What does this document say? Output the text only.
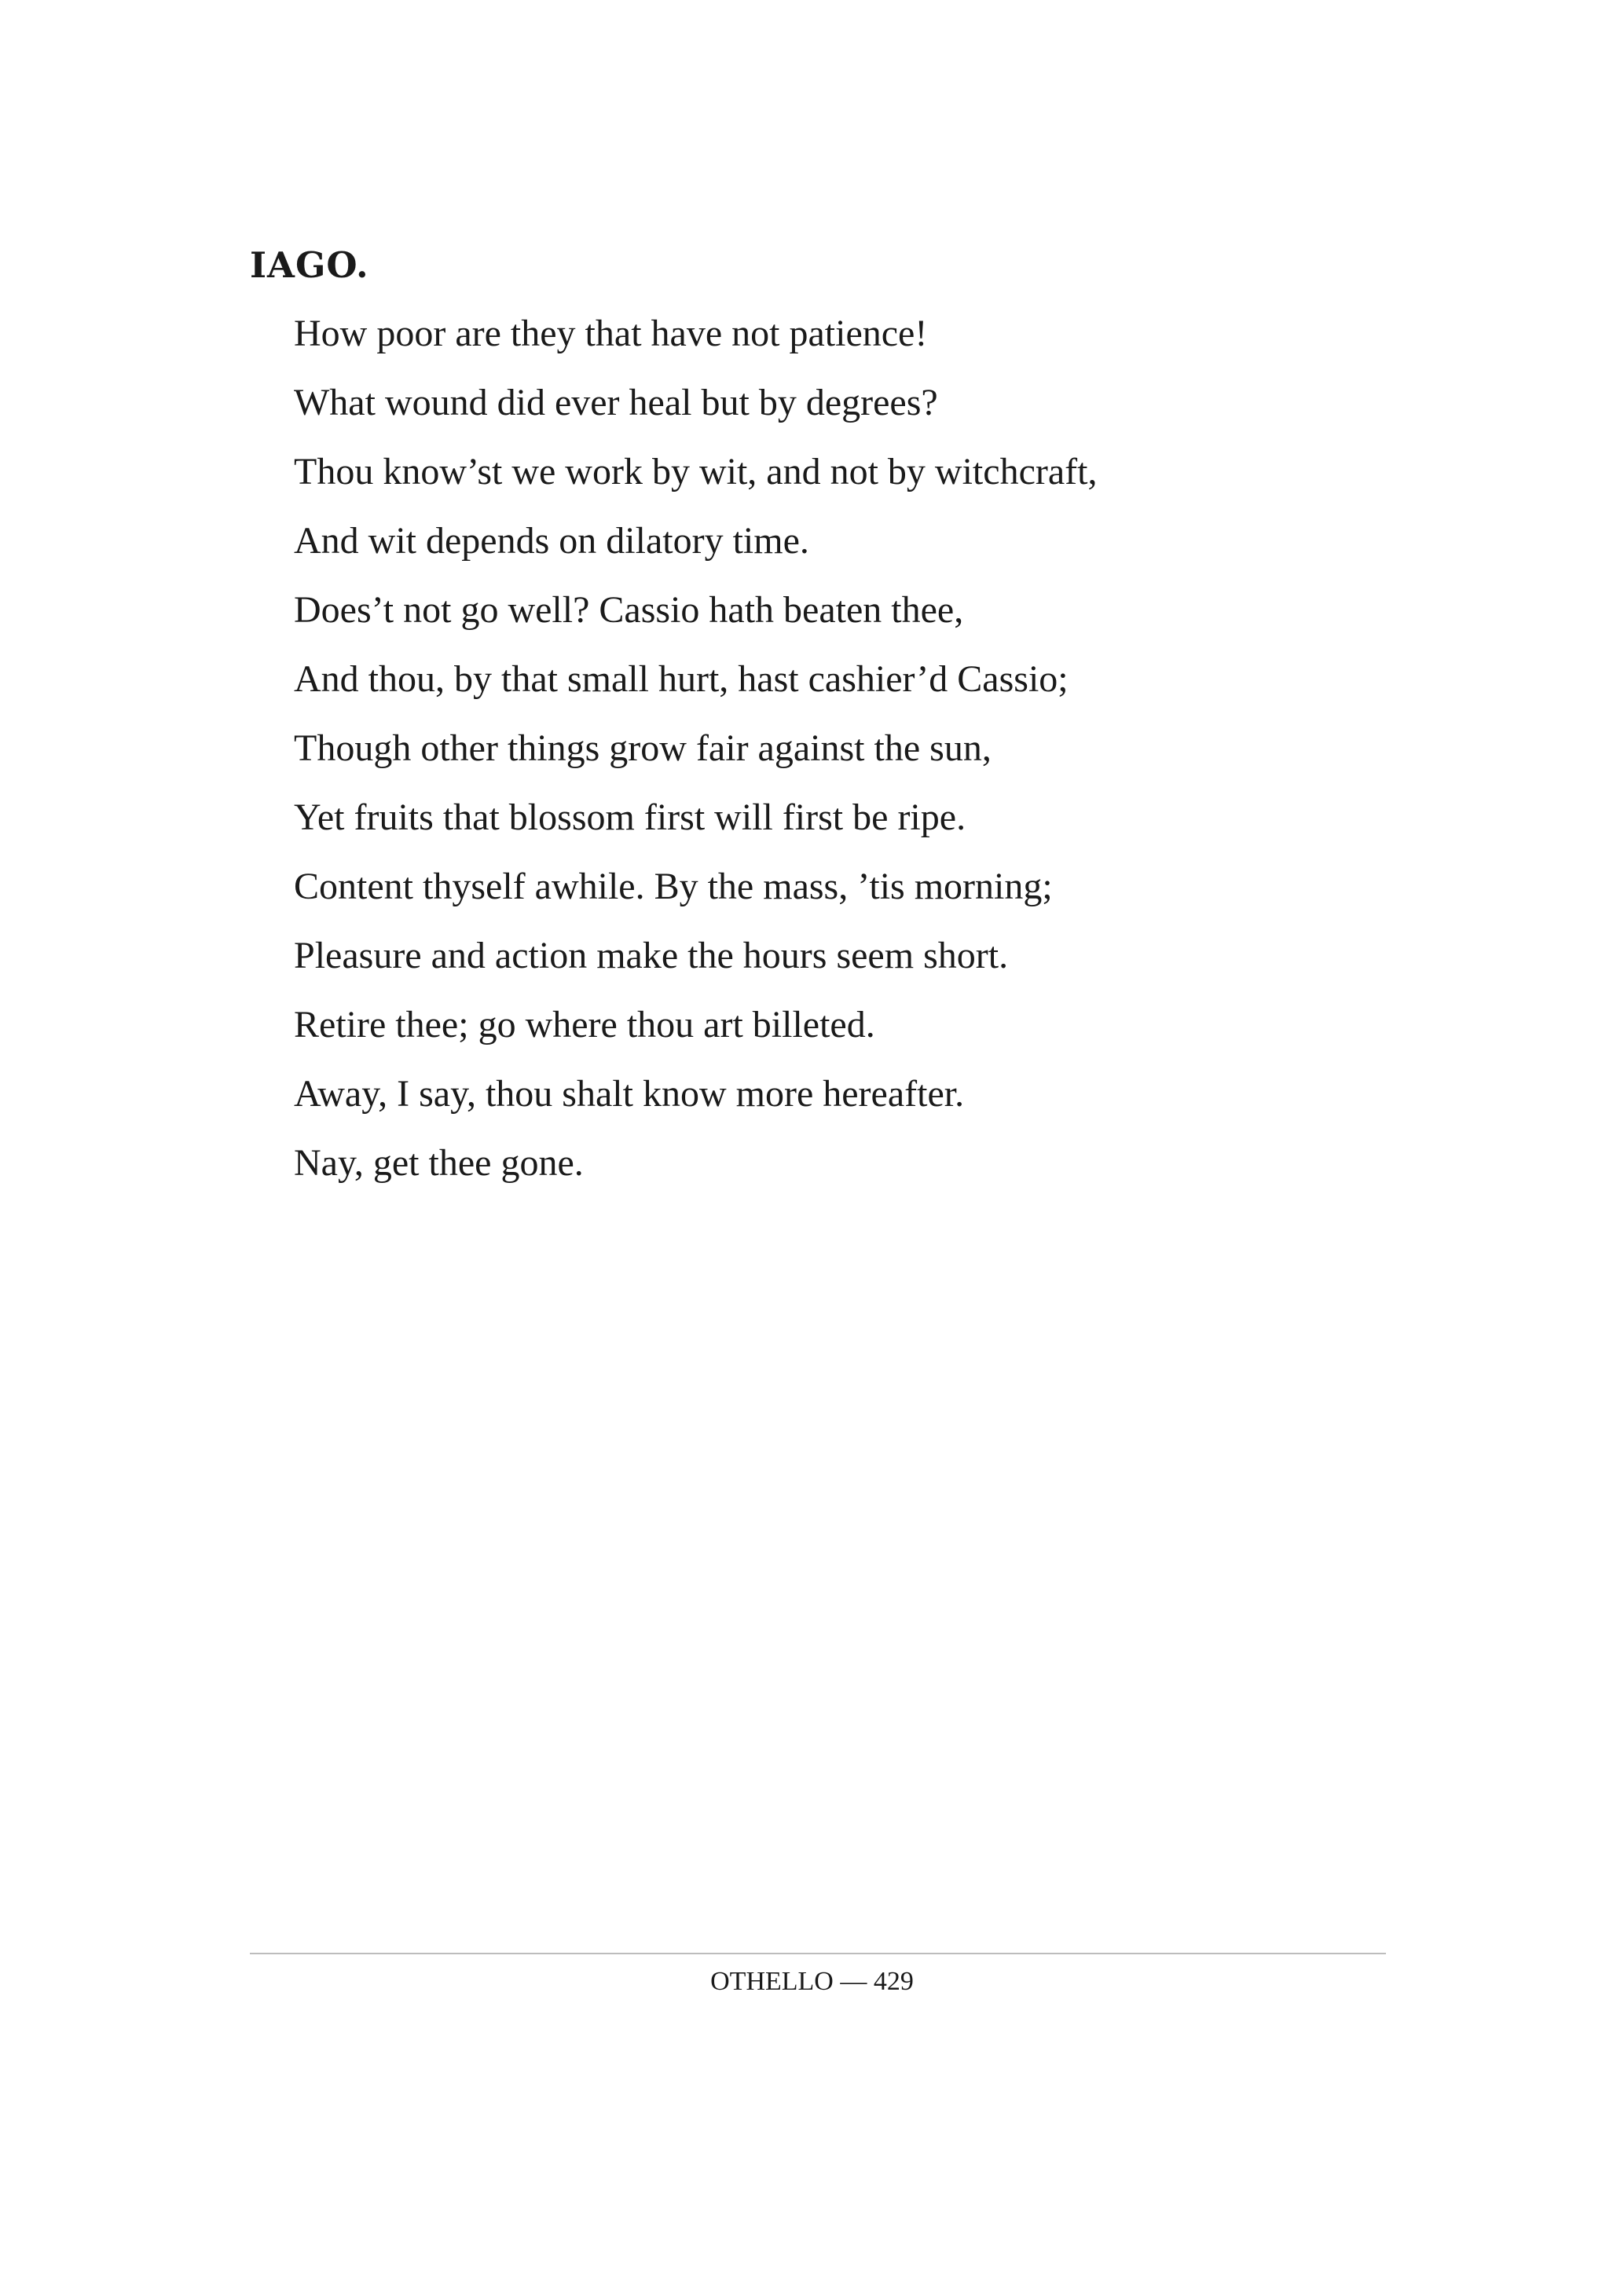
IAGO.
How poor are they that have not patience!
What wound did ever heal but by degrees?
Thou know’st we work by wit, and not by witchcraft,
And wit depends on dilatory time.
Does’t not go well? Cassio hath beaten thee,
And thou, by that small hurt, hast cashier’d Cassio;
Though other things grow fair against the sun,
Yet fruits that blossom first will first be ripe.
Content thyself awhile. By the mass, ’tis morning;
Pleasure and action make the hours seem short.
Retire thee; go where thou art billeted.
Away, I say, thou shalt know more hereafter.
Nay, get thee gone.
OTHELLO — 429
